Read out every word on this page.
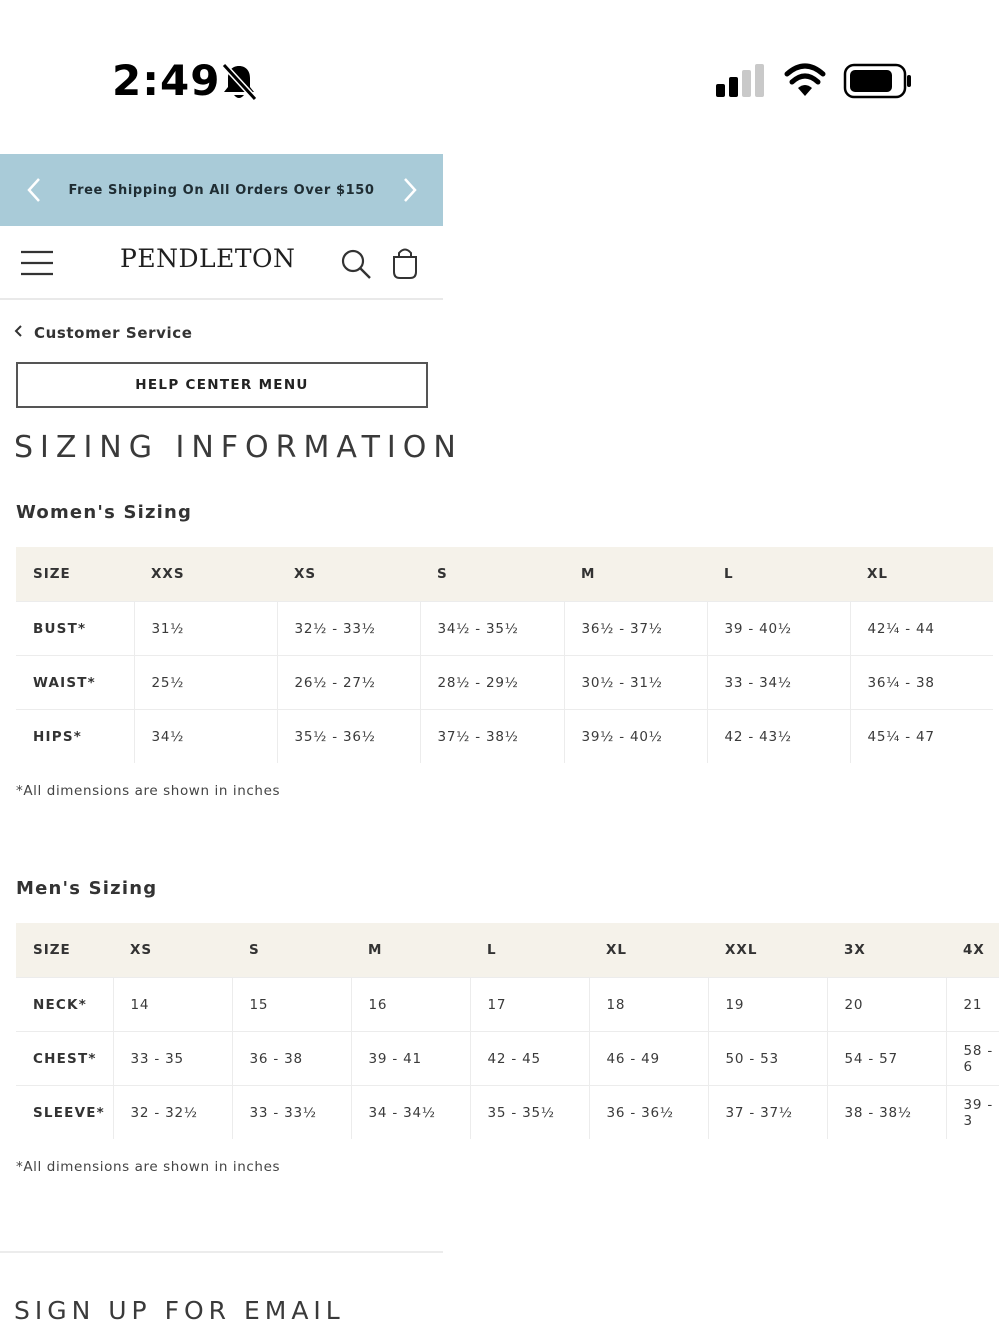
2:49
Free Shipping On All Orders Over $150
PENDLETON
Customer Service
HELP CENTER MENU
SIZING INFORMATION
Women's Sizing
SIZE	XXS	XS	S	M	L	XL
BUST*	31½	32½ - 33½	34½ - 35½	36½ - 37½	39 - 40½	42¼ - 44
WAIST*	25½	26½ - 27½	28½ - 29½	30½ - 31½	33 - 34½	36¼ - 38
HIPS*	34½	35½ - 36½	37½ - 38½	39½ - 40½	42 - 43½	45¼ - 47
*All dimensions are shown in inches
Men's Sizing
SIZE	XS	S	M	L	XL	XXL	3X	4X
NECK*	14	15	16	17	18	19	20	21
CHEST*	33 - 35	36 - 38	39 - 41	42 - 45	46 - 49	50 - 53	54 - 57	58 - 6
SLEEVE*	32 - 32½	33 - 33½	34 - 34½	35 - 35½	36 - 36½	37 - 37½	38 - 38½	39 - 3
*All dimensions are shown in inches
SIGN UP FOR EMAIL
